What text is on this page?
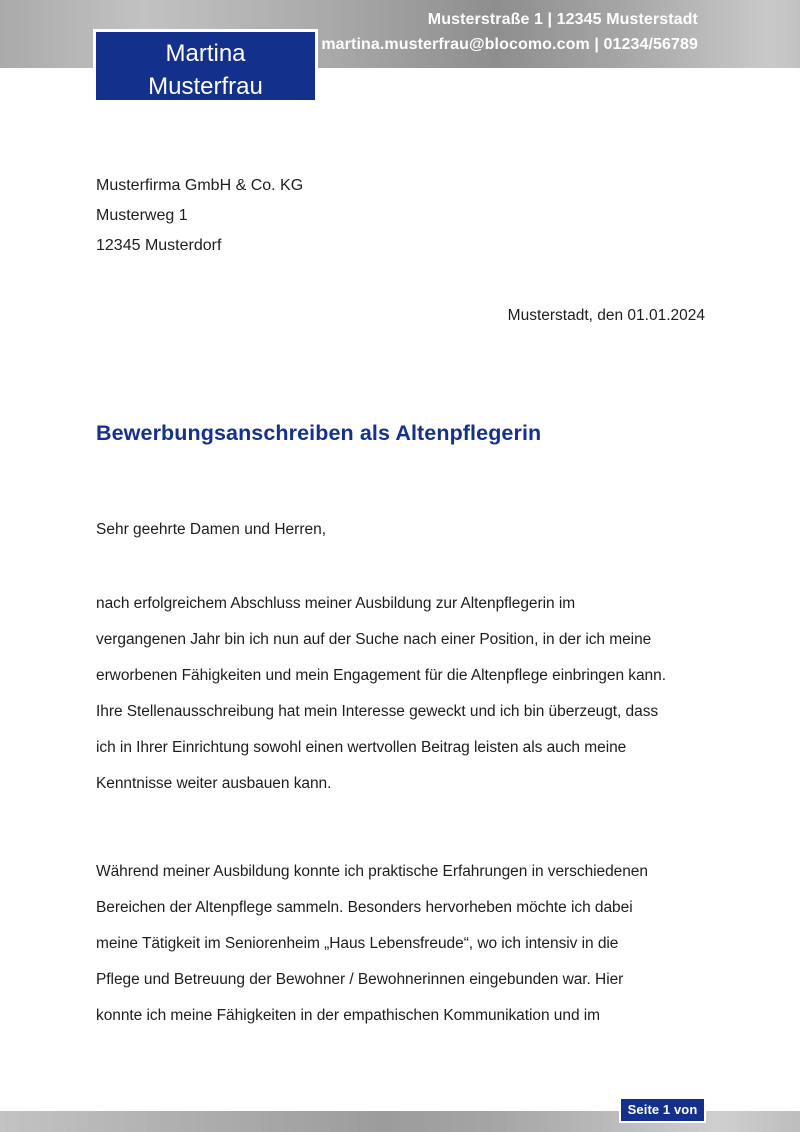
Musterstraße 1 | 12345 Musterstadt
martina.musterfrau@blocomo.com | 01234/56789
Martina
Musterfrau
Musterfirma GmbH & Co. KG
Musterweg 1
12345 Musterdorf
Musterstadt, den 01.01.2024
Bewerbungsanschreiben als Altenpflegerin
Sehr geehrte Damen und Herren,
nach erfolgreichem Abschluss meiner Ausbildung zur Altenpflegerin im
vergangenen Jahr bin ich nun auf der Suche nach einer Position, in der ich meine
erworbenen Fähigkeiten und mein Engagement für die Altenpflege einbringen kann.
Ihre Stellenausschreibung hat mein Interesse geweckt und ich bin überzeugt, dass
ich in Ihrer Einrichtung sowohl einen wertvollen Beitrag leisten als auch meine
Kenntnisse weiter ausbauen kann.
Während meiner Ausbildung konnte ich praktische Erfahrungen in verschiedenen
Bereichen der Altenpflege sammeln. Besonders hervorheben möchte ich dabei
meine Tätigkeit im Seniorenheim „Haus Lebensfreude“, wo ich intensiv in die
Pflege und Betreuung der Bewohner / Bewohnerinnen eingebunden war. Hier
konnte ich meine Fähigkeiten in der empathischen Kommunikation und im
Seite 1 von
